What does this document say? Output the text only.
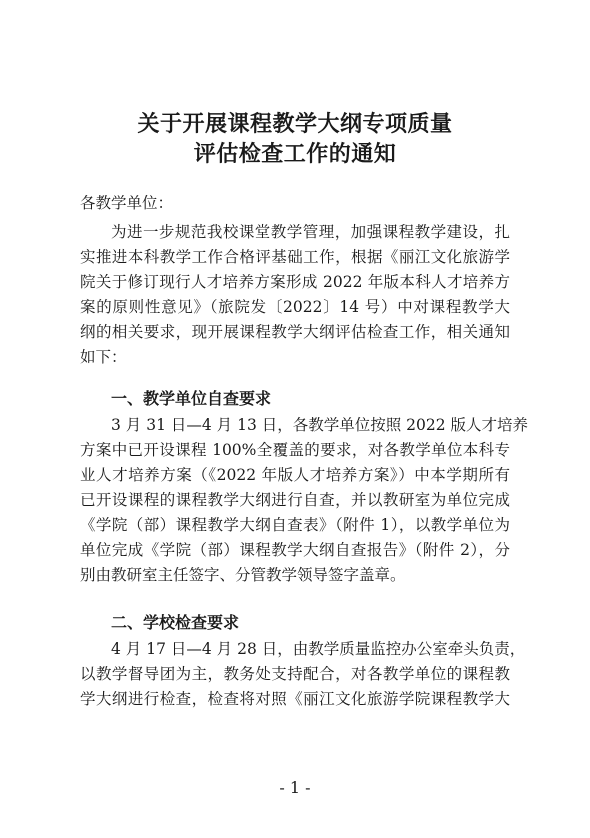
关于开展课程教学大纲专项质量
评估检查工作的通知
各教学单位：
为进一步规范我校课堂教学管理，加强课程教学建设，扎
实推进本科教学工作合格评基础工作，根据《丽江文化旅游学
院关于修订现行人才培养方案形成 2022 年版本科人才培养方
案的原则性意见》（旅院发〔2022〕14 号）中对课程教学大
纲的相关要求，现开展课程教学大纲评估检查工作，相关通知
如下：
一、教学单位自查要求
3 月 31 日—4 月 13 日，各教学单位按照 2022 版人才培养
方案中已开设课程 100%全覆盖的要求，对各教学单位本科专
业人才培养方案（《2022 年版人才培养方案》）中本学期所有
已开设课程的课程教学大纲进行自查，并以教研室为单位完成
《学院（部）课程教学大纲自查表》（附件 1），以教学单位为
单位完成《学院（部）课程教学大纲自查报告》（附件 2），分
别由教研室主任签字、分管教学领导签字盖章。
二、学校检查要求
4 月 17 日—4 月 28 日，由教学质量监控办公室牵头负责，
以教学督导团为主，教务处支持配合，对各教学单位的课程教
学大纲进行检查，检查将对照《丽江文化旅游学院课程教学大
- 1 -
